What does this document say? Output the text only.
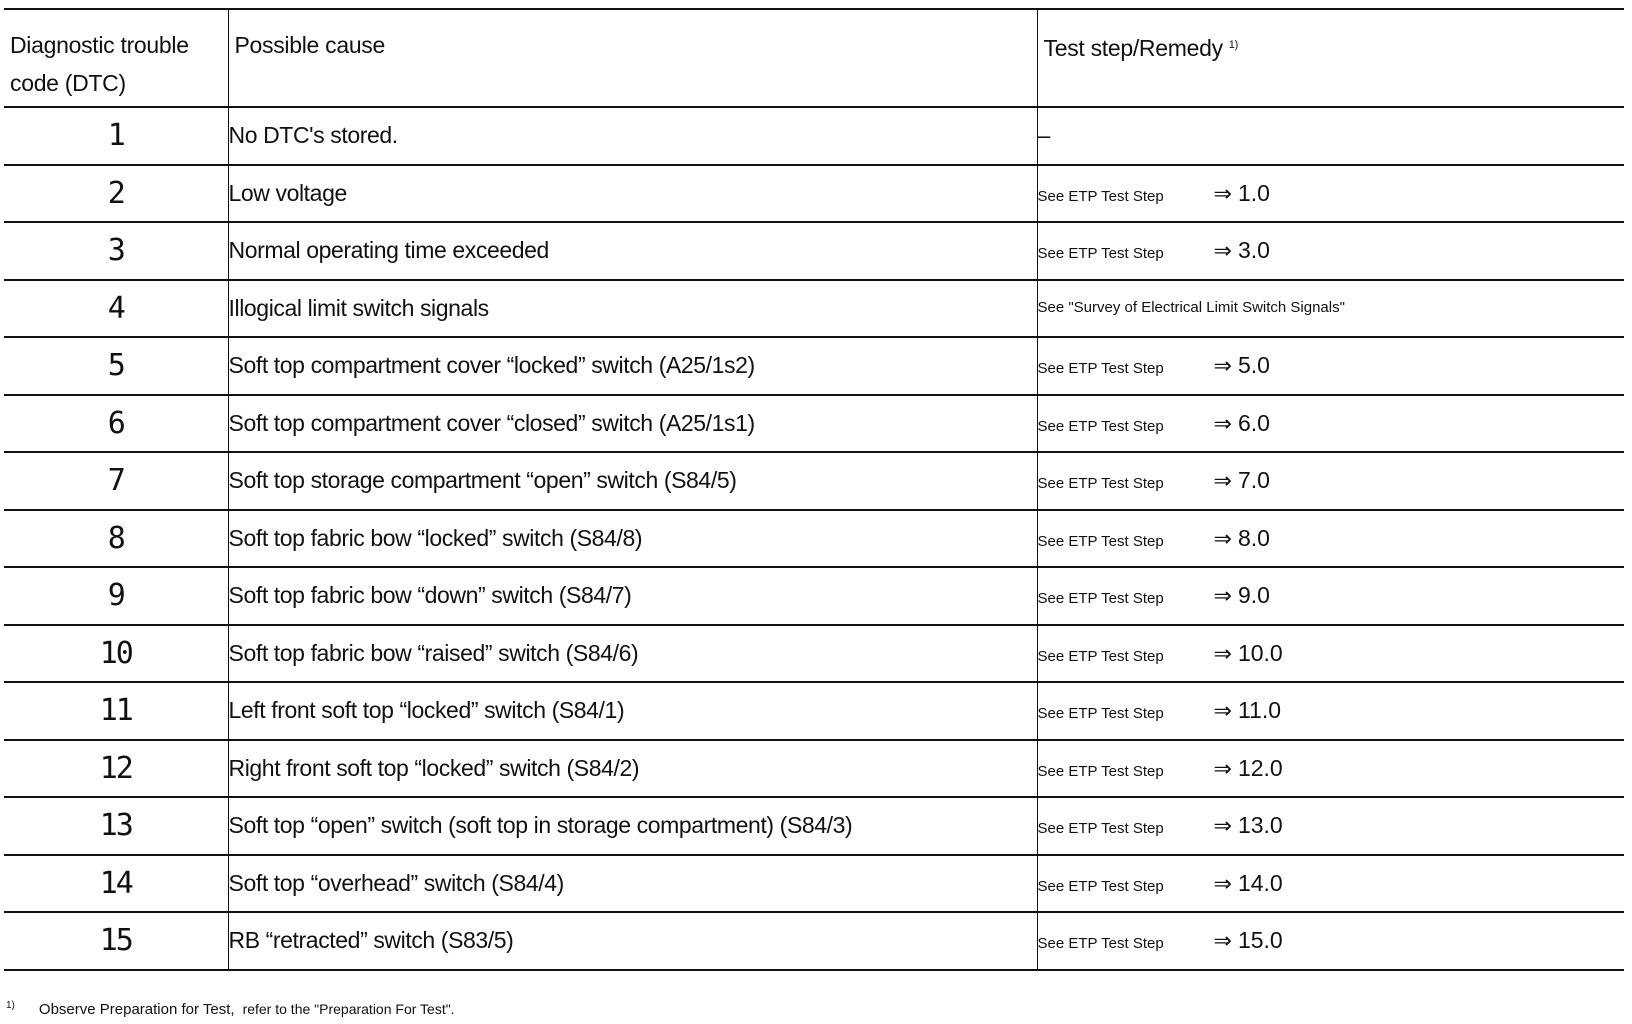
Diagnostic trouble
code (DTC)	Possible cause	Test step/Remedy $^{1)}$

1	No DTC's stored.	–
2	Low voltage	See ETP Test Step ⇒ 1.0
3	Normal operating time exceeded	See ETP Test Step ⇒ 3.0
4	Illogical limit switch signals	See "Survey of Electrical Limit Switch Signals"
5	Soft top compartment cover “locked” switch (A25/1s2)	See ETP Test Step ⇒ 5.0
6	Soft top compartment cover “closed” switch (A25/1s1)	See ETP Test Step ⇒ 6.0
7	Soft top storage compartment “open” switch (S84/5)	See ETP Test Step ⇒ 7.0
8	Soft top fabric bow “locked” switch (S84/8)	See ETP Test Step ⇒ 8.0
9	Soft top fabric bow “down” switch (S84/7)	See ETP Test Step ⇒ 9.0
10	Soft top fabric bow “raised” switch (S84/6)	See ETP Test Step ⇒ 10.0
11	Left front soft top “locked” switch (S84/1)	See ETP Test Step ⇒ 11.0
12	Right front soft top “locked” switch (S84/2)	See ETP Test Step ⇒ 12.0
13	Soft top “open” switch (soft top in storage compartment) (S84/3)	See ETP Test Step ⇒ 13.0
14	Soft top “overhead” switch (S84/4)	See ETP Test Step ⇒ 14.0
15	RB “retracted” switch (S83/5)	See ETP Test Step ⇒ 15.0
$^{1)}$ Observe Preparation for Test, refer to the "Preparation For Test".
